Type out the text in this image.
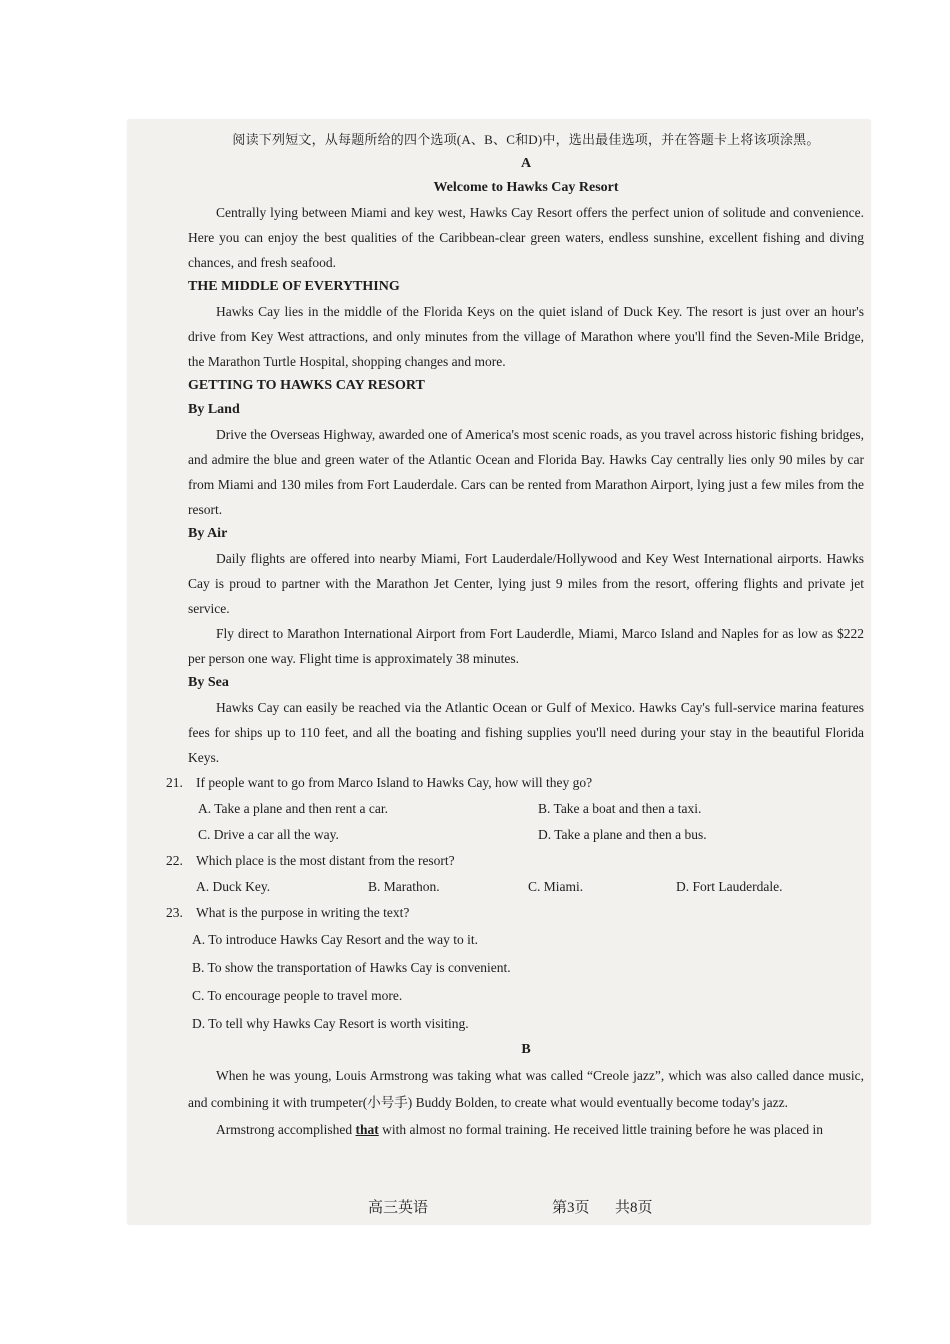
阅读下列短文，从每题所给的四个选项(A、B、C和D)中，选出最佳选项，并在答题卡上将该项涂黑。

A

Welcome to Hawks Cay Resort

Centrally lying between Miami and key west, Hawks Cay Resort offers the perfect union of solitude and convenience. Here you can enjoy the best qualities of the Caribbean-clear green waters, endless sunshine, excellent fishing and diving chances, and fresh seafood.

THE MIDDLE OF EVERYTHING

Hawks Cay lies in the middle of the Florida Keys on the quiet island of Duck Key. The resort is just over an hour's drive from Key West attractions, and only minutes from the village of Marathon where you'll find the Seven-Mile Bridge, the Marathon Turtle Hospital, shopping changes and more.

GETTING TO HAWKS CAY RESORT

By Land

Drive the Overseas Highway, awarded one of America's most scenic roads, as you travel across historic fishing bridges, and admire the blue and green water of the Atlantic Ocean and Florida Bay. Hawks Cay centrally lies only 90 miles by car from Miami and 130 miles from Fort Lauderdale. Cars can be rented from Marathon Airport, lying just a few miles from the resort.

By Air

Daily flights are offered into nearby Miami, Fort Lauderdale/Hollywood and Key West International airports. Hawks Cay is proud to partner with the Marathon Jet Center, lying just 9 miles from the resort, offering flights and private jet service.

Fly direct to Marathon International Airport from Fort Lauderdle, Miami, Marco Island and Naples for as low as $222 per person one way. Flight time is approximately 38 minutes.

By Sea

Hawks Cay can easily be reached via the Atlantic Ocean or Gulf of Mexico. Hawks Cay's full-service marina features fees for ships up to 110 feet, and all the boating and fishing supplies you'll need during your stay in the beautiful Florida Keys.

21. If people want to go from Marco Island to Hawks Cay, how will they go?

A. Take a plane and then rent a car.	B. Take a boat and then a taxi.
C. Drive a car all the way.	D. Take a plane and then a bus.

22. Which place is the most distant from the resort?

A. Duck Key.	B. Marathon.	C. Miami.	D. Fort Lauderdale.

23. What is the purpose in writing the text?

A. To introduce Hawks Cay Resort and the way to it.

B. To show the transportation of Hawks Cay is convenient.

C. To encourage people to travel more.

D. To tell why Hawks Cay Resort is worth visiting.

B

When he was young, Louis Armstrong was taking what was called “Creole jazz”, which was also called dance music, and combining it with trumpeter(小号手) Buddy Bolden, to create what would eventually become today's jazz.

Armstrong accomplished that with almost no formal training. He received little training before he was placed in

高三英语	第3页 共8页
